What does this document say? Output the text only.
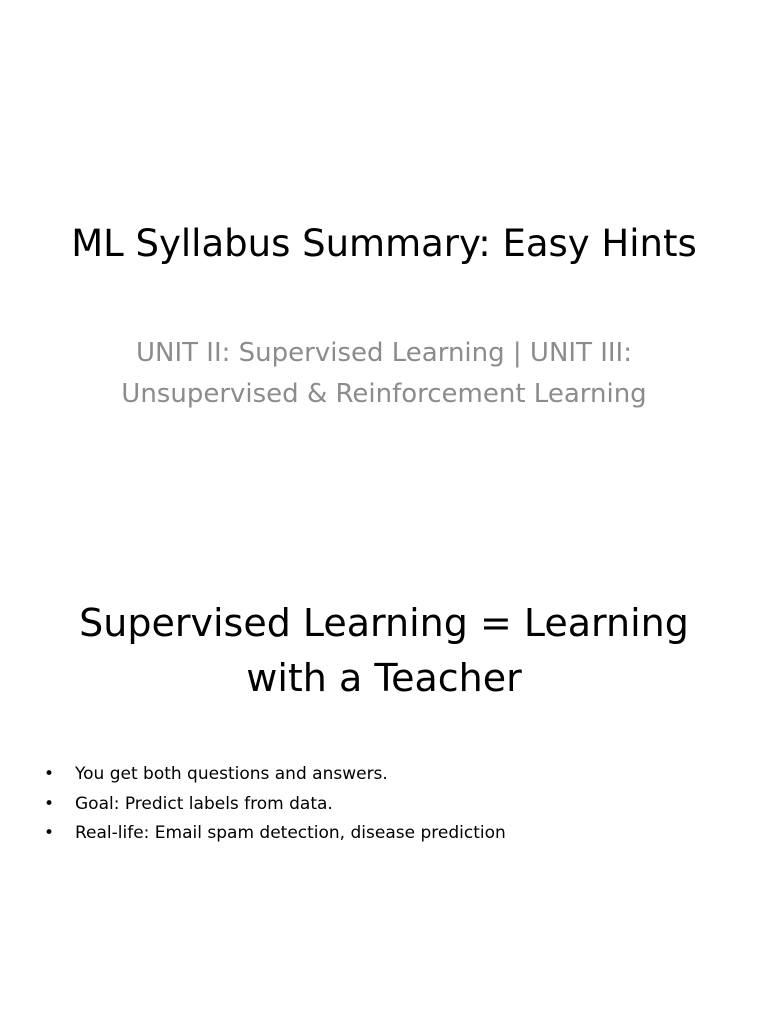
ML Syllabus Summary: Easy Hints

UNIT II: Supervised Learning | UNIT III: Unsupervised & Reinforcement Learning

Supervised Learning = Learning with a Teacher
• You get both questions and answers.
• Goal: Predict labels from data.
• Real-life: Email spam detection, disease prediction
